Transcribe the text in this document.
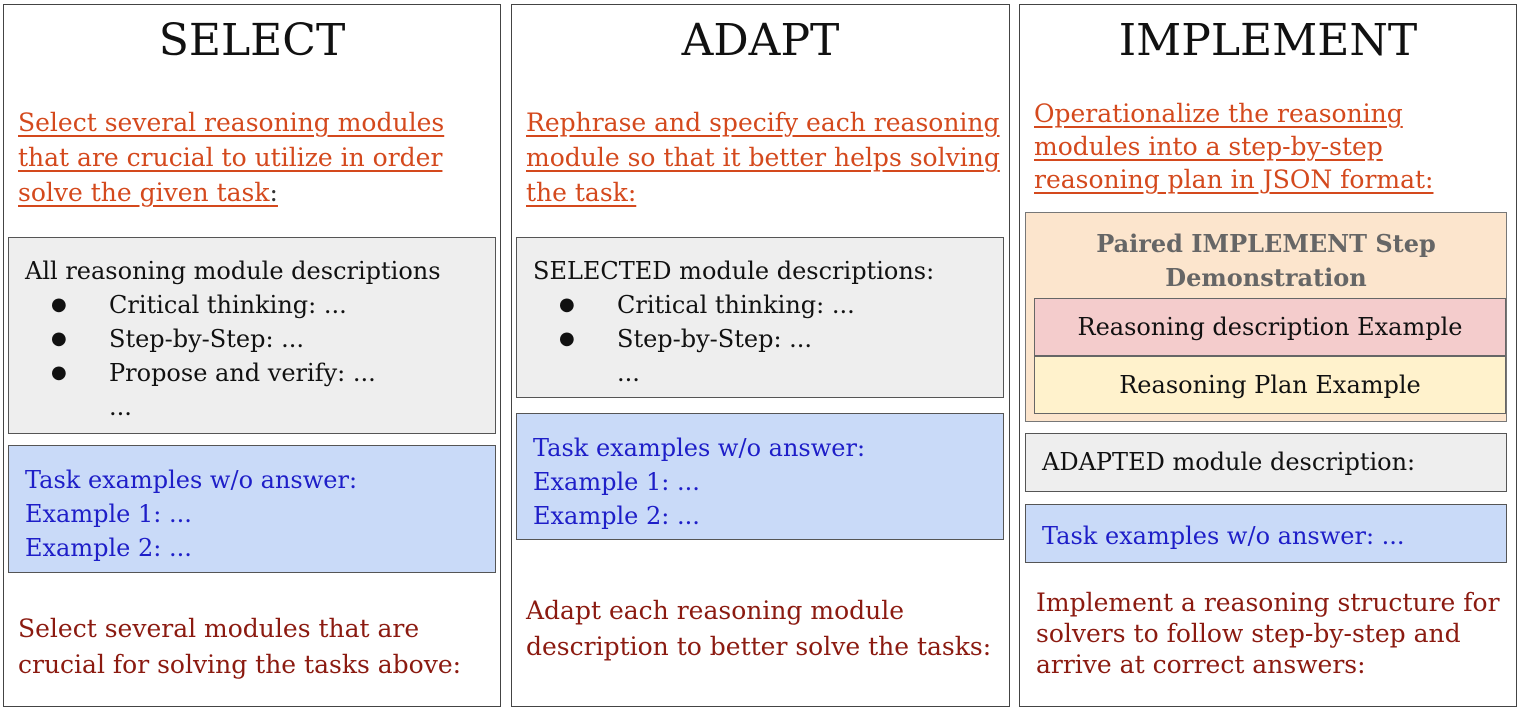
SELECT
Select several reasoning modules that are crucial to utilize in order solve the given task:
All reasoning module descriptions
● Critical thinking: ...
● Step-by-Step: ...
● Propose and verify: ...
...
Task examples w/o answer:
Example 1: ...
Example 2: ...
Select several modules that are crucial for solving the tasks above:
ADAPT
Rephrase and specify each reasoning module so that it better helps solving the task:
SELECTED module descriptions:
● Critical thinking: ...
● Step-by-Step: ...
...
Task examples w/o answer:
Example 1: ...
Example 2: ...
Adapt each reasoning module description to better solve the tasks:
IMPLEMENT
Operationalize the reasoning modules into a step-by-step reasoning plan in JSON format:
Paired IMPLEMENT Step Demonstration
Reasoning description Example
Reasoning Plan Example
ADAPTED module description:
Task examples w/o answer: ...
Implement a reasoning structure for solvers to follow step-by-step and arrive at correct answers:
